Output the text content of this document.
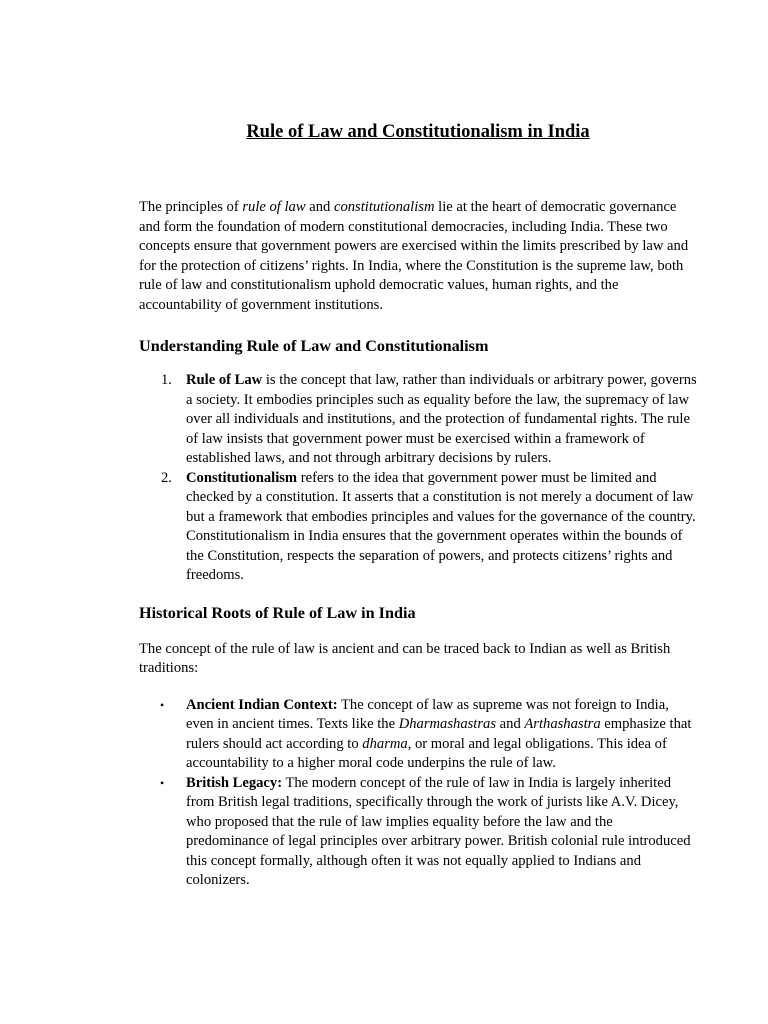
Rule of Law and Constitutionalism in India

The principles of rule of law and constitutionalism lie at the heart of democratic governance and form the foundation of modern constitutional democracies, including India. These two concepts ensure that government powers are exercised within the limits prescribed by law and for the protection of citizens’ rights. In India, where the Constitution is the supreme law, both rule of law and constitutionalism uphold democratic values, human rights, and the accountability of government institutions.

Understanding Rule of Law and Constitutionalism
1. Rule of Law is the concept that law, rather than individuals or arbitrary power, governs a society. It embodies principles such as equality before the law, the supremacy of law over all individuals and institutions, and the protection of fundamental rights. The rule of law insists that government power must be exercised within a framework of established laws, and not through arbitrary decisions by rulers.
2. Constitutionalism refers to the idea that government power must be limited and checked by a constitution. It asserts that a constitution is not merely a document of law but a framework that embodies principles and values for the governance of the country. Constitutionalism in India ensures that the government operates within the bounds of the Constitution, respects the separation of powers, and protects citizens’ rights and freedoms.
Historical Roots of Rule of Law in India

The concept of the rule of law is ancient and can be traced back to Indian as well as British traditions:

• Ancient Indian Context: The concept of law as supreme was not foreign to India, even in ancient times. Texts like the Dharmashastras and Arthashastra emphasize that rulers should act according to dharma, or moral and legal obligations. This idea of accountability to a higher moral code underpins the rule of law.
• British Legacy: The modern concept of the rule of law in India is largely inherited from British legal traditions, specifically through the work of jurists like A.V. Dicey, who proposed that the rule of law implies equality before the law and the predominance of legal principles over arbitrary power. British colonial rule introduced this concept formally, although often it was not equally applied to Indians and colonizers.
